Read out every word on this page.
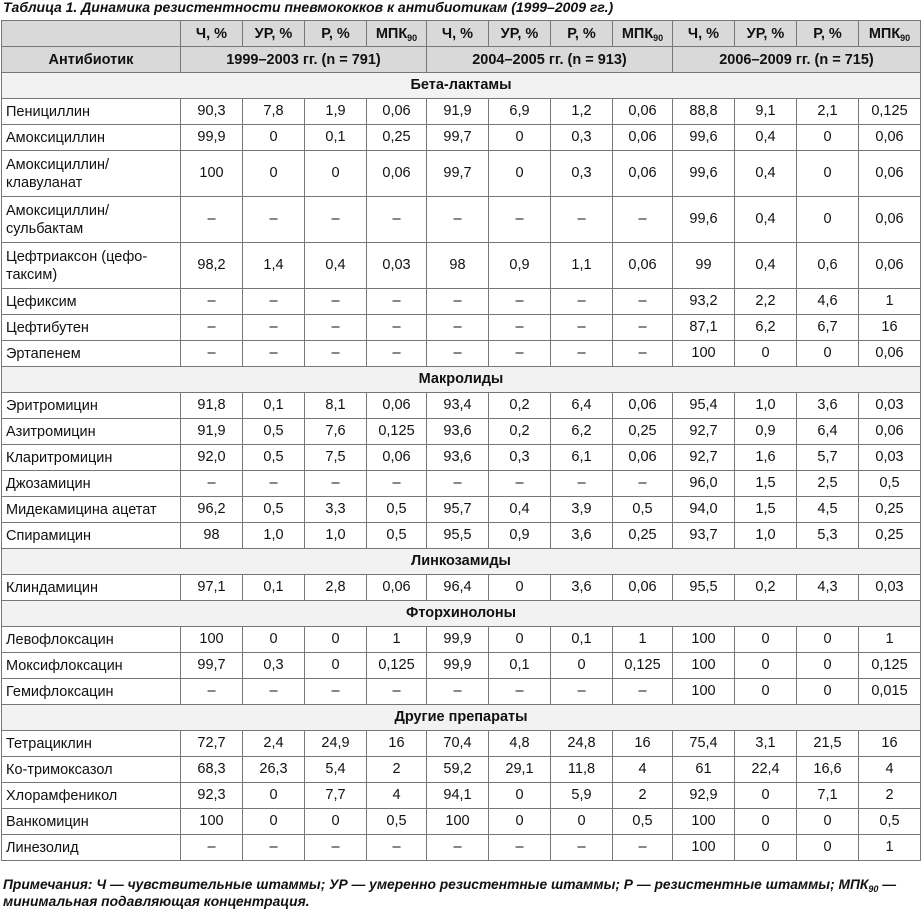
Таблица 1. Динамика резистентности пневмококков к антибиотикам (1999–2009 гг.)
	Ч, %	УР, %	Р, %	$МПК_{90}$	Ч, %	УР, %	Р, %	$МПК_{90}$	Ч, %	УР, %	Р, %	$МПК_{90}$
Антибиотик	1999–2003 гг. (n = 791)				2004–2005 гг. (n = 913)				2006–2009 гг. (n = 715)			
Бета-лактамы												
Пенициллин	90,3	7,8	1,9	0,06	91,9	6,9	1,2	0,06	88,8	9,1	2,1	0,125
Амоксициллин	99,9	0	0,1	0,25	99,7	0	0,3	0,06	99,6	0,4	0	0,06
Амоксициллин/ клавуланат	100	0	0	0,06	99,7	0	0,3	0,06	99,6	0,4	0	0,06
Амоксициллин/ сульбактам	–	–	–	–	–	–	–	–	99,6	0,4	0	0,06
Цефтриаксон (цефо-таксим)	98,2	1,4	0,4	0,03	98	0,9	1,1	0,06	99	0,4	0,6	0,06
Цефиксим	–	–	–	–	–	–	–	–	93,2	2,2	4,6	1
Цефтибутен	–	–	–	–	–	–	–	–	87,1	6,2	6,7	16
Эртапенем	–	–	–	–	–	–	–	–	100	0	0	0,06
Макролиды												
Эритромицин	91,8	0,1	8,1	0,06	93,4	0,2	6,4	0,06	95,4	1,0	3,6	0,03
Азитромицин	91,9	0,5	7,6	0,125	93,6	0,2	6,2	0,25	92,7	0,9	6,4	0,06
Кларитромицин	92,0	0,5	7,5	0,06	93,6	0,3	6,1	0,06	92,7	1,6	5,7	0,03
Джозамицин	–	–	–	–	–	–	–	–	96,0	1,5	2,5	0,5
Мидекамицина ацетат	96,2	0,5	3,3	0,5	95,7	0,4	3,9	0,5	94,0	1,5	4,5	0,25
Спирамицин	98	1,0	1,0	0,5	95,5	0,9	3,6	0,25	93,7	1,0	5,3	0,25
Линкозамиды												
Клиндамицин	97,1	0,1	2,8	0,06	96,4	0	3,6	0,06	95,5	0,2	4,3	0,03
Фторхинолоны												
Левофлоксацин	100	0	0	1	99,9	0	0,1	1	100	0	0	1
Моксифлоксацин	99,7	0,3	0	0,125	99,9	0,1	0	0,125	100	0	0	0,125
Гемифлоксацин	–	–	–	–	–	–	–	–	100	0	0	0,015
Другие препараты												
Тетрациклин	72,7	2,4	24,9	16	70,4	4,8	24,8	16	75,4	3,1	21,5	16
Ко-тримоксазол	68,3	26,3	5,4	2	59,2	29,1	11,8	4	61	22,4	16,6	4
Хлорамфеникол	92,3	0	7,7	4	94,1	0	5,9	2	92,9	0	7,1	2
Ванкомицин	100	0	0	0,5	100	0	0	0,5	100	0	0	0,5
Линезолид	–	–	–	–	–	–	–	–	100	0	0	1
Примечания: Ч — чувствительные штаммы; УР — умеренно резистентные штаммы; Р — резистентные штаммы; $МПК_{90}$ — минимальная подавляющая концентрация.
